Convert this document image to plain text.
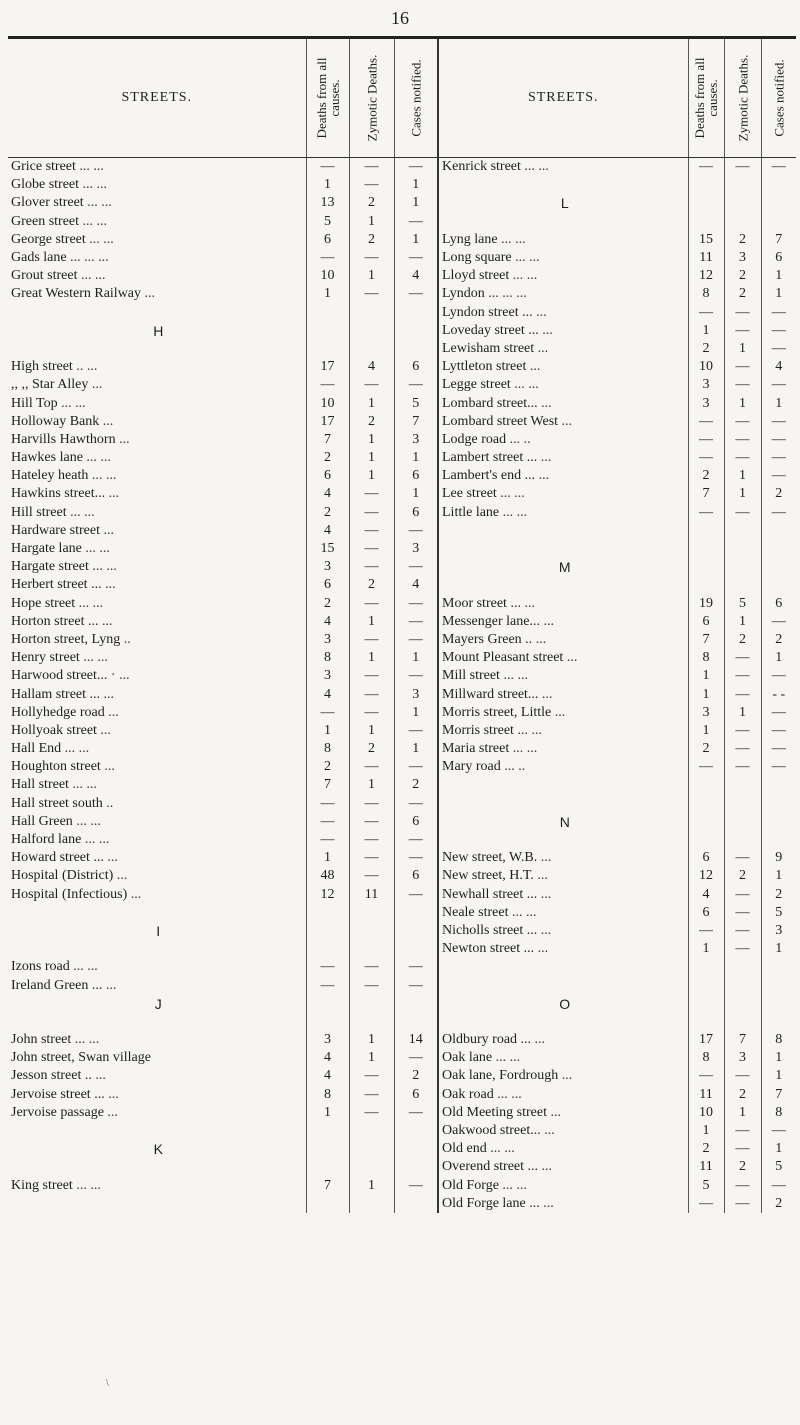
16
STREETS.	Deaths from all causes.	Zymotic Deaths.	Cases notified.	STREETS.	Deaths from all causes.	Zymotic Deaths.	Cases notified.

Grice street ... ...	—	—	—	Kenrick street ... ...	—	—	—
Globe street ... ...	1	—	1				
Glover street ... ...	13	2	1	L			
Green street ... ...	5	1	—				
George street ... ...	6	2	1	Lyng lane ... ...	15	2	7
Gads lane ... ... ...	—	—	—	Long square ... ...	11	3	6
Grout street ... ...	10	1	4	Lloyd street ... ...	12	2	1
Great Western Railway ...	1	—	—	Lyndon ... ... ...	8	2	1
				Lyndon street ... ...	—	—	—
H				Loveday street ... ...	1	—	—
				Lewisham street ...	2	1	—
High street .. ...	17	4	6	Lyttleton street ...	10	—	4
,, ,, Star Alley ...	—	—	—	Legge street ... ...	3	—	—
Hill Top ... ...	10	1	5	Lombard street... ...	3	1	1
Holloway Bank ...	17	2	7	Lombard street West ...	—	—	—
Harvills Hawthorn ...	7	1	3	Lodge road ... ..	—	—	—
Hawkes lane ... ...	2	1	1	Lambert street ... ...	—	—	—
Hateley heath ... ...	6	1	6	Lambert's end ... ...	2	1	—
Hawkins street... ...	4	—	1	Lee street ... ...	7	1	2
Hill street ... ...	2	—	6	Little lane ... ...	—	—	—
Hardware street ...	4	—	—				
Hargate lane ... ...	15	—	3				
Hargate street ... ...	3	—	—	M			
Herbert street ... ...	6	2	4				
Hope street ... ...	2	—	—	Moor street ... ...	19	5	6
Horton street ... ...	4	1	—	Messenger lane... ...	6	1	—
Horton street, Lyng ..	3	—	—	Mayers Green .. ...	7	2	2
Henry street ... ...	8	1	1	Mount Pleasant street ...	8	—	1
Harwood street... · ...	3	—	—	Mill street ... ...	1	—	—
Hallam street ... ...	4	—	3	Millward street... ...	1	—	- -
Hollyhedge road ...	—	—	1	Morris street, Little ...	3	1	—
Hollyoak street ...	1	1	—	Morris street ... ...	1	—	—
Hall End ... ...	8	2	1	Maria street ... ...	2	—	—
Houghton street ...	2	—	—	Mary road ... ..	—	—	—
Hall street ... ...	7	1	2				
Hall street south ..	—	—	—				
Hall Green ... ...	—	—	6	N			
Halford lane ... ...	—	—	—				
Howard street ... ...	1	—	—	New street, W.B. ...	6	—	9
Hospital (District) ...	48	—	6	New street, H.T. ...	12	2	1
Hospital (Infectious) ...	12	11	—	Newhall street ... ...	4	—	2
				Neale street ... ...	6	—	5
I				Nicholls street ... ...	—	—	3
				Newton street ... ...	1	—	1
Izons road ... ...	—	—	—				
Ireland Green ... ...	—	—	—				
J				O			

John street ... ...	3	1	14	Oldbury road ... ...	17	7	8
John street, Swan village	4	1	—	Oak lane ... ...	8	3	1
Jesson street .. ...	4	—	2	Oak lane, Fordrough ...	—	—	1
Jervoise street ... ...	8	—	6	Oak road ... ...	11	2	7
Jervoise passage ...	1	—	—	Old Meeting street ...	10	1	8
				Oakwood street... ...	1	—	—
K				Old end ... ...	2	—	1
				Overend street ... ...	11	2	5
King street ... ...	7	1	—	Old Forge ... ...	5	—	—
				Old Forge lane ... ...	—	—	2
\
